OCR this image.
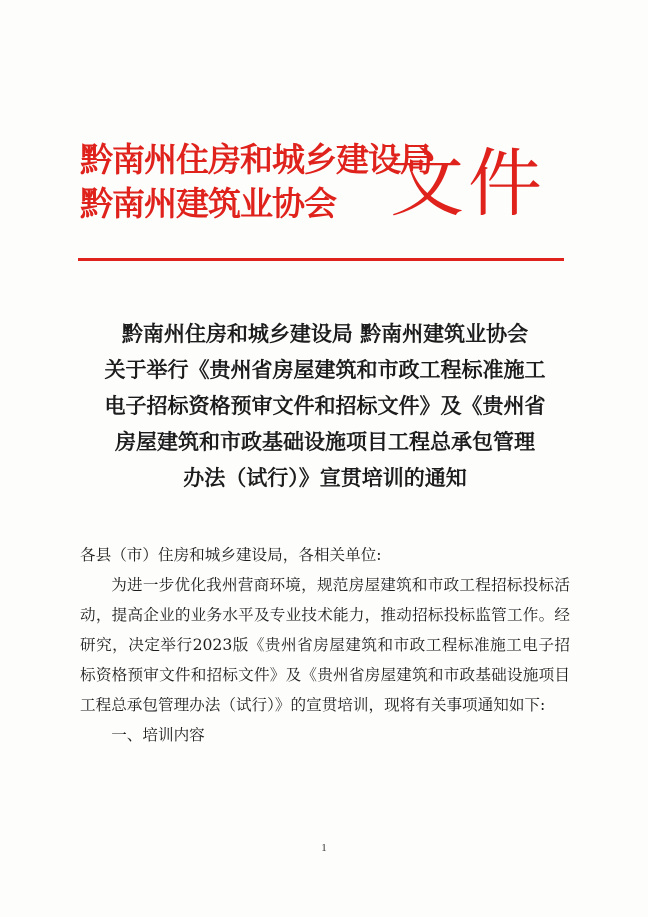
黔南州住房和城乡建设局
黔南州建筑业协会 文件
黔南州住房和城乡建设局 黔南州建筑业协会
关于举行《贵州省房屋建筑和市政工程标准施工
电子招标资格预审文件和招标文件》及《贵州省
房屋建筑和市政基础设施项目工程总承包管理
办法（试行）》宣贯培训的通知
各县（市）住房和城乡建设局，各相关单位:
为进一步优化我州营商环境，规范房屋建筑和市政工程招标投标活动，提高企业的业务水平及专业技术能力，推动招标投标监管工作。经研究，决定举行2023版《贵州省房屋建筑和市政工程标准施工电子招标资格预审文件和招标文件》及《贵州省房屋建筑和市政基础设施项目工程总承包管理办法（试行）》的宣贯培训，现将有关事项通知如下:
一、培训内容
1
